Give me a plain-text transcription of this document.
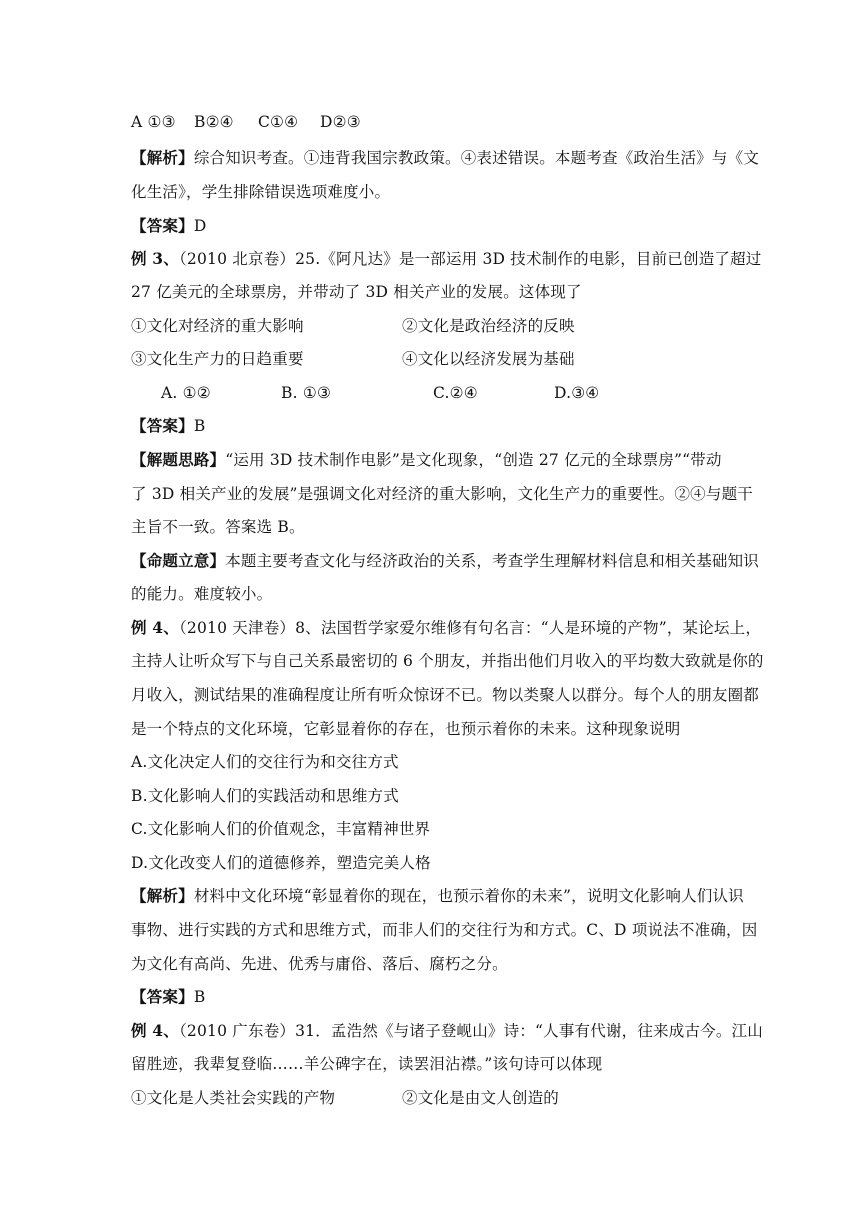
A ①③ B②④ C①④ D②③
【解析】综合知识考查。①违背我国宗教政策。④表述错误。本题考查《政治生活》与《文
化生活》，学生排除错误选项难度小。
【答案】D
例 3、（2010 北京卷）25.《阿凡达》是一部运用 3D 技术制作的电影，目前已创造了超过
27 亿美元的全球票房，并带动了 3D 相关产业的发展。这体现了
①文化对经济的重大影响	②文化是政治经济的反映
③文化生产力的日趋重要	④文化以经济发展为基础
A. ①②	B. ①③	C.②④	D.③④
【答案】B
【解题思路】“运用 3D 技术制作电影”是文化现象，“创造 27 亿元的全球票房”“带动
了 3D 相关产业的发展”是强调文化对经济的重大影响，文化生产力的重要性。②④与题干
主旨不一致。答案选 B。
【命题立意】本题主要考查文化与经济政治的关系，考查学生理解材料信息和相关基础知识
的能力。难度较小。
例 4、（2010 天津卷）8、法国哲学家爱尔维修有句名言：“人是环境的产物”，某论坛上，
主持人让听众写下与自己关系最密切的 6 个朋友，并指出他们月收入的平均数大致就是你的
月收入，测试结果的准确程度让所有听众惊讶不已。物以类聚人以群分。每个人的朋友圈都
是一个特点的文化环境，它彰显着你的存在，也预示着你的未来。这种现象说明
A.文化决定人们的交往行为和交往方式
B.文化影响人们的实践活动和思维方式
C.文化影响人们的价值观念，丰富精神世界
D.文化改变人们的道德修养，塑造完美人格
【解析】材料中文化环境“彰显着你的现在，也预示着你的未来”，说明文化影响人们认识
事物、进行实践的方式和思维方式，而非人们的交往行为和方式。C、D 项说法不准确，因
为文化有高尚、先进、优秀与庸俗、落后、腐朽之分。
【答案】B
例 4、（2010 广东卷）31．孟浩然《与诸子登岘山》诗：“人事有代谢，往来成古今。江山
留胜迹，我辈复登临……羊公碑字在，读罢泪沾襟。”该句诗可以体现
①文化是人类社会实践的产物	②文化是由文人创造的
